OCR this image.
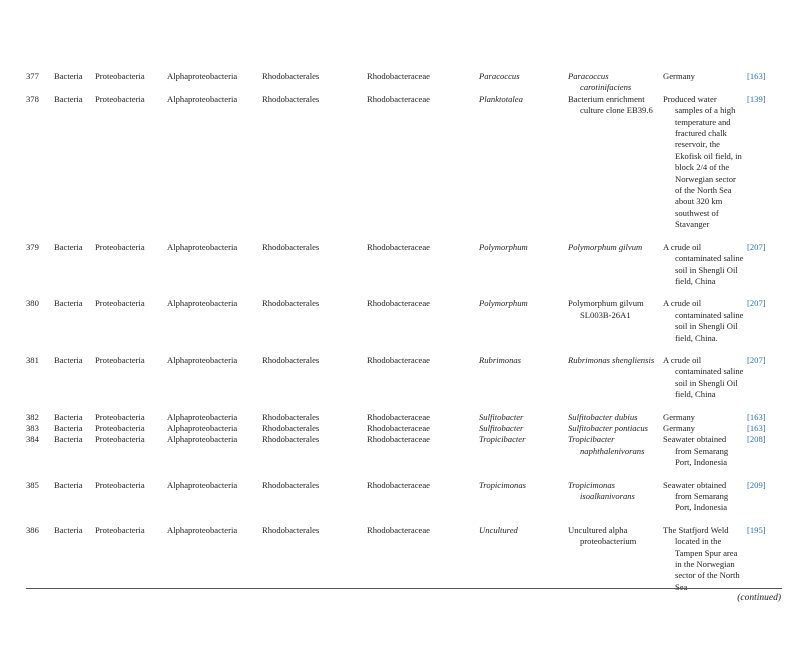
377	Bacteria	Proteobacteria	Alphaproteobacteria	Rhodobacterales	Rhodobacteraceae	Paracoccus	Paracoccus carotinifaciens	Germany	[163]
378	Bacteria	Proteobacteria	Alphaproteobacteria	Rhodobacterales	Rhodobacteraceae	Planktotalea	Bacterium enrichment culture clone EB39.6	Produced water samples of a high temperature and fractured chalk reservoir, the Ekofisk oil field, in block 2/4 of the Norwegian sector of the North Sea about 320 km southwest of Stavanger	[139]
379	Bacteria	Proteobacteria	Alphaproteobacteria	Rhodobacterales	Rhodobacteraceae	Polymorphum	Polymorphum gilvum	A crude oil contaminated saline soil in Shengli Oil field, China	[207]
380	Bacteria	Proteobacteria	Alphaproteobacteria	Rhodobacterales	Rhodobacteraceae	Polymorphum	Polymorphum gilvum SL003B-26A1	A crude oil contaminated saline soil in Shengli Oil field, China.	[207]
381	Bacteria	Proteobacteria	Alphaproteobacteria	Rhodobacterales	Rhodobacteraceae	Rubrimonas	Rubrimonas shengliensis	A crude oil contaminated saline soil in Shengli Oil field, China	[207]
382	Bacteria	Proteobacteria	Alphaproteobacteria	Rhodobacterales	Rhodobacteraceae	Sulfitobacter	Sulfitobacter dubius	Germany	[163]
383	Bacteria	Proteobacteria	Alphaproteobacteria	Rhodobacterales	Rhodobacteraceae	Sulfitobacter	Sulfitobacter pontiacus	Germany	[163]
384	Bacteria	Proteobacteria	Alphaproteobacteria	Rhodobacterales	Rhodobacteraceae	Tropicibacter	Tropicibacter naphthalenivorans	Seawater obtained from Semarang Port, Indonesia	[208]
385	Bacteria	Proteobacteria	Alphaproteobacteria	Rhodobacterales	Rhodobacteraceae	Tropicimonas	Tropicimonas isoalkanivorans	Seawater obtained from Semarang Port, Indonesia	[209]
386	Bacteria	Proteobacteria	Alphaproteobacteria	Rhodobacterales	Rhodobacteraceae	Uncultured	Uncultured alpha proteobacterium	The Statfjord Weld located in the Tampen Spur area in the Norwegian sector of the North Sea	[195]
(continued)
